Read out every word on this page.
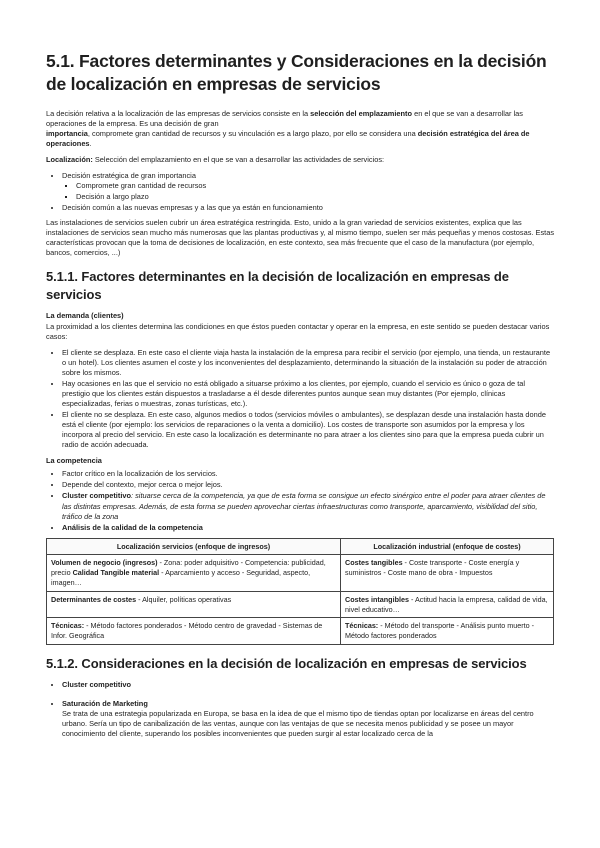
5.1. Factores determinantes y Consideraciones en la decisión de localización en empresas de servicios

La decisión relativa a la localización de las empresas de servicios consiste en la selección del emplazamiento en el que se van a desarrollar las operaciones de la empresa. Es una decisión de gran
importancia, compromete gran cantidad de recursos y su vinculación es a largo plazo, por ello se considera una decisión estratégica del área de operaciones.

Localización: Selección del emplazamiento en el que se van a desarrollar las actividades de servicios:

• Decisión estratégica de gran importancia
▪ Compromete gran cantidad de recursos
▪ Decisión a largo plazo
• Decisión común a las nuevas empresas y a las que ya están en funcionamiento

Las instalaciones de servicios suelen cubrir un área estratégica restringida. Esto, unido a la gran variedad de servicios existentes, explica que las instalaciones de servicios sean mucho más numerosas que las plantas productivas y, al mismo tiempo, suelen ser más pequeñas y menos costosas. Estas características provocan que la toma de decisiones de localización, en este contexto, sea más frecuente que el caso de la manufactura (por ejemplo, bancos, comercios, ...)

5.1.1. Factores determinantes en la decisión de localización en empresas de servicios
La demanda (clientes)

La proximidad a los clientes determina las condiciones en que éstos pueden contactar y operar en la empresa, en este sentido se pueden destacar varios casos:

• El cliente se desplaza. En este caso el cliente viaja hasta la instalación de la empresa para recibir el servicio (por ejemplo, una tienda, un restaurante o un hotel). Los clientes asumen el coste y los inconvenientes del desplazamiento, determinando la situación de la instalación su poder de atracción sobre los mismos.
• Hay ocasiones en las que el servicio no está obligado a situarse próximo a los clientes, por ejemplo, cuando el servicio es único o goza de tal prestigio que los clientes están dispuestos a trasladarse a él desde diferentes puntos aunque sean muy distantes (Por ejemplo, clínicas especializadas, ferias o muestras, zonas turísticas, etc.).
• El cliente no se desplaza. En este caso, algunos medios o todos (servicios móviles o ambulantes), se desplazan desde una instalación hasta donde está el cliente (por ejemplo: los servicios de reparaciones o la venta a domicilio). Los costes de transporte son asumidos por la empresa y los incorpora al precio del servicio. En este caso la localización es determinante no para atraer a los clientes sino para que la empresa pueda cubrir un radio de acción adecuada.
La competencia
• Factor crítico en la localización de los servicios.
• Depende del contexto, mejor cerca o mejor lejos.
• Cluster competitivo: situarse cerca de la competencia, ya que de esta forma se consigue un efecto sinérgico entre el poder para atraer clientes de las distintas empresas. Además, de esta forma se pueden aprovechar ciertas infraestructuras como transporte, aparcamiento, visibilidad del sitio, tráfico de la zona
• Análisis de la calidad de la competencia
Localización servicios (enfoque de ingresos)	Localización industrial (enfoque de costes)
Volumen de negocio (ingresos) - Zona: poder adquisitivo - Competencia: publicidad, precio Calidad Tangible material - Aparcamiento y acceso - Seguridad, aspecto, imagen…	Costes tangibles - Coste transporte - Coste energía y suministros - Coste mano de obra - Impuestos
Determinantes de costes - Alquiler, políticas operativas	Costes intangibles - Actitud hacia la empresa, calidad de vida, nivel educativo…
Técnicas: - Método factores ponderados - Método centro de gravedad - Sistemas de Infor. Geográfica	Técnicas: - Método del transporte - Análisis punto muerto - Método factores ponderados
5.1.2. Consideraciones en la decisión de localización en empresas de servicios
• Cluster competitivo
• Saturación de Marketing
Se trata de una estrategia popularizada en Europa, se basa en la idea de que el mismo tipo de tiendas optan por localizarse en áreas del centro urbano. Sería un tipo de canibalización de las ventas, aunque con las ventajas de que se necesita menos publicidad y se posee un mayor conocimiento del cliente, superando los posibles inconvenientes que pueden surgir al estar localizado cerca de la
